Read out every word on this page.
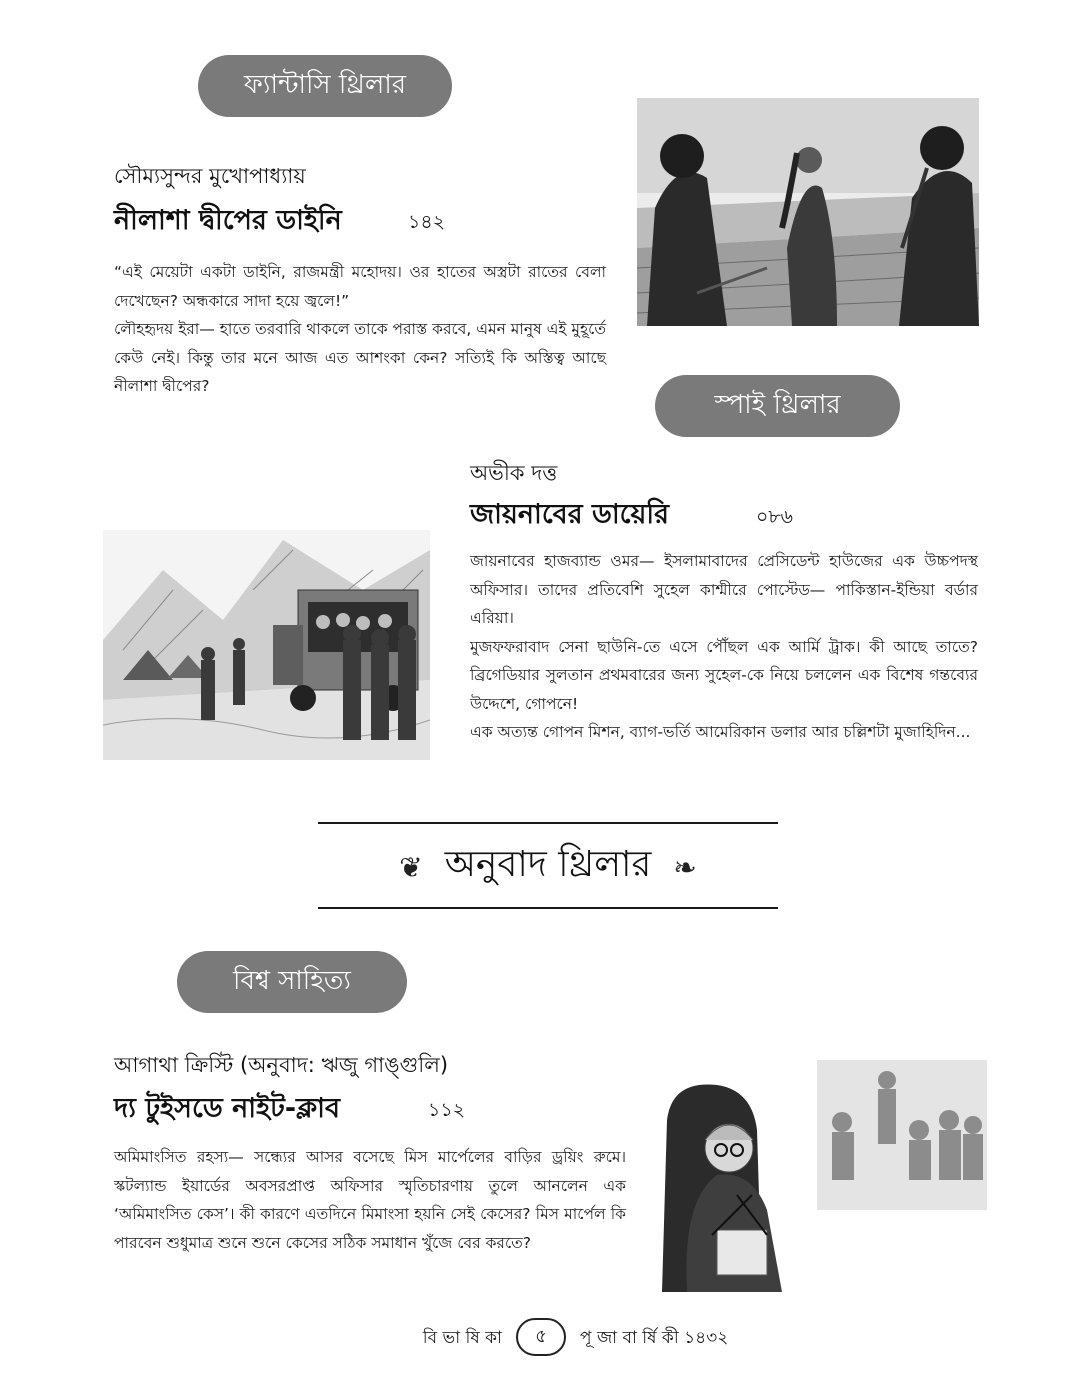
ফ্যান্টাসি থ্রিলার
সৌম্যসুন্দর মুখোপাধ্যায়
নীলাশা দ্বীপের ডাইনি	১৪২

“এই মেয়েটা একটা ডাইনি, রাজমন্ত্রী মহোদয়। ওর হাতের অস্ত্রটা রাতের বেলা দেখেছেন? অন্ধকারে সাদা হয়ে জ্বলে!”

লৌহহৃদয় ইরা— হাতে তরবারি থাকলে তাকে পরাস্ত করবে, এমন মানুষ এই মুহূর্তে কেউ নেই। কিন্তু তার মনে আজ এত আশংকা কেন? সত্যিই কি অস্তিত্ব আছে নীলাশা দ্বীপের?

স্পাই থ্রিলার
অভীক দত্ত
জায়নাবের ডায়েরি	০৮৬

জায়নাবের হাজব্যান্ড ওমর— ইসলামাবাদের প্রেসিডেন্ট হাউজের এক উচ্চপদস্থ অফিসার। তাদের প্রতিবেশি সুহেল কাশ্মীরে পোস্টেড— পাকিস্তান-ইন্ডিয়া বর্ডার এরিয়া।

মুজফফরাবাদ সেনা ছাউনি-তে এসে পৌঁছল এক আর্মি ট্রাক। কী আছে তাতে? ব্রিগেডিয়ার সুলতান প্রথমবারের জন্য সুহেল-কে নিয়ে চললেন এক বিশেষ গন্তব্যের উদ্দেশে, গোপনে!

এক অত্যন্ত গোপন মিশন, ব্যাগ-ভর্তি আমেরিকান ডলার আর চল্লিশটা মুজাহিদিন...

❦ অনুবাদ থ্রিলার ❧
বিশ্ব সাহিত্য
আগাথা ক্রিস্টি (অনুবাদ: ঋজু গাঙ্গুলি)
দ্য টুইসডে নাইট-ক্লাব	১১২

অমিমাংসিত রহস্য— সন্ধ্যের আসর বসেছে মিস মার্পেলের বাড়ির ড্রয়িং রুমে। স্কটল্যান্ড ইয়ার্ডের অবসরপ্রাপ্ত অফিসার স্মৃতিচারণায় তুলে আনলেন এক ‘অমিমাংসিত কেস’। কী কারণে এতদিনে মিমাংসা হয়নি সেই কেসের? মিস মার্পেল কি পারবেন শুধুমাত্র শুনে শুনে কেসের সঠিক সমাধান খুঁজে বের করতে?

বি ভা ষি কা	৫	পূ জা বা র্ষি কী ১৪৩২
